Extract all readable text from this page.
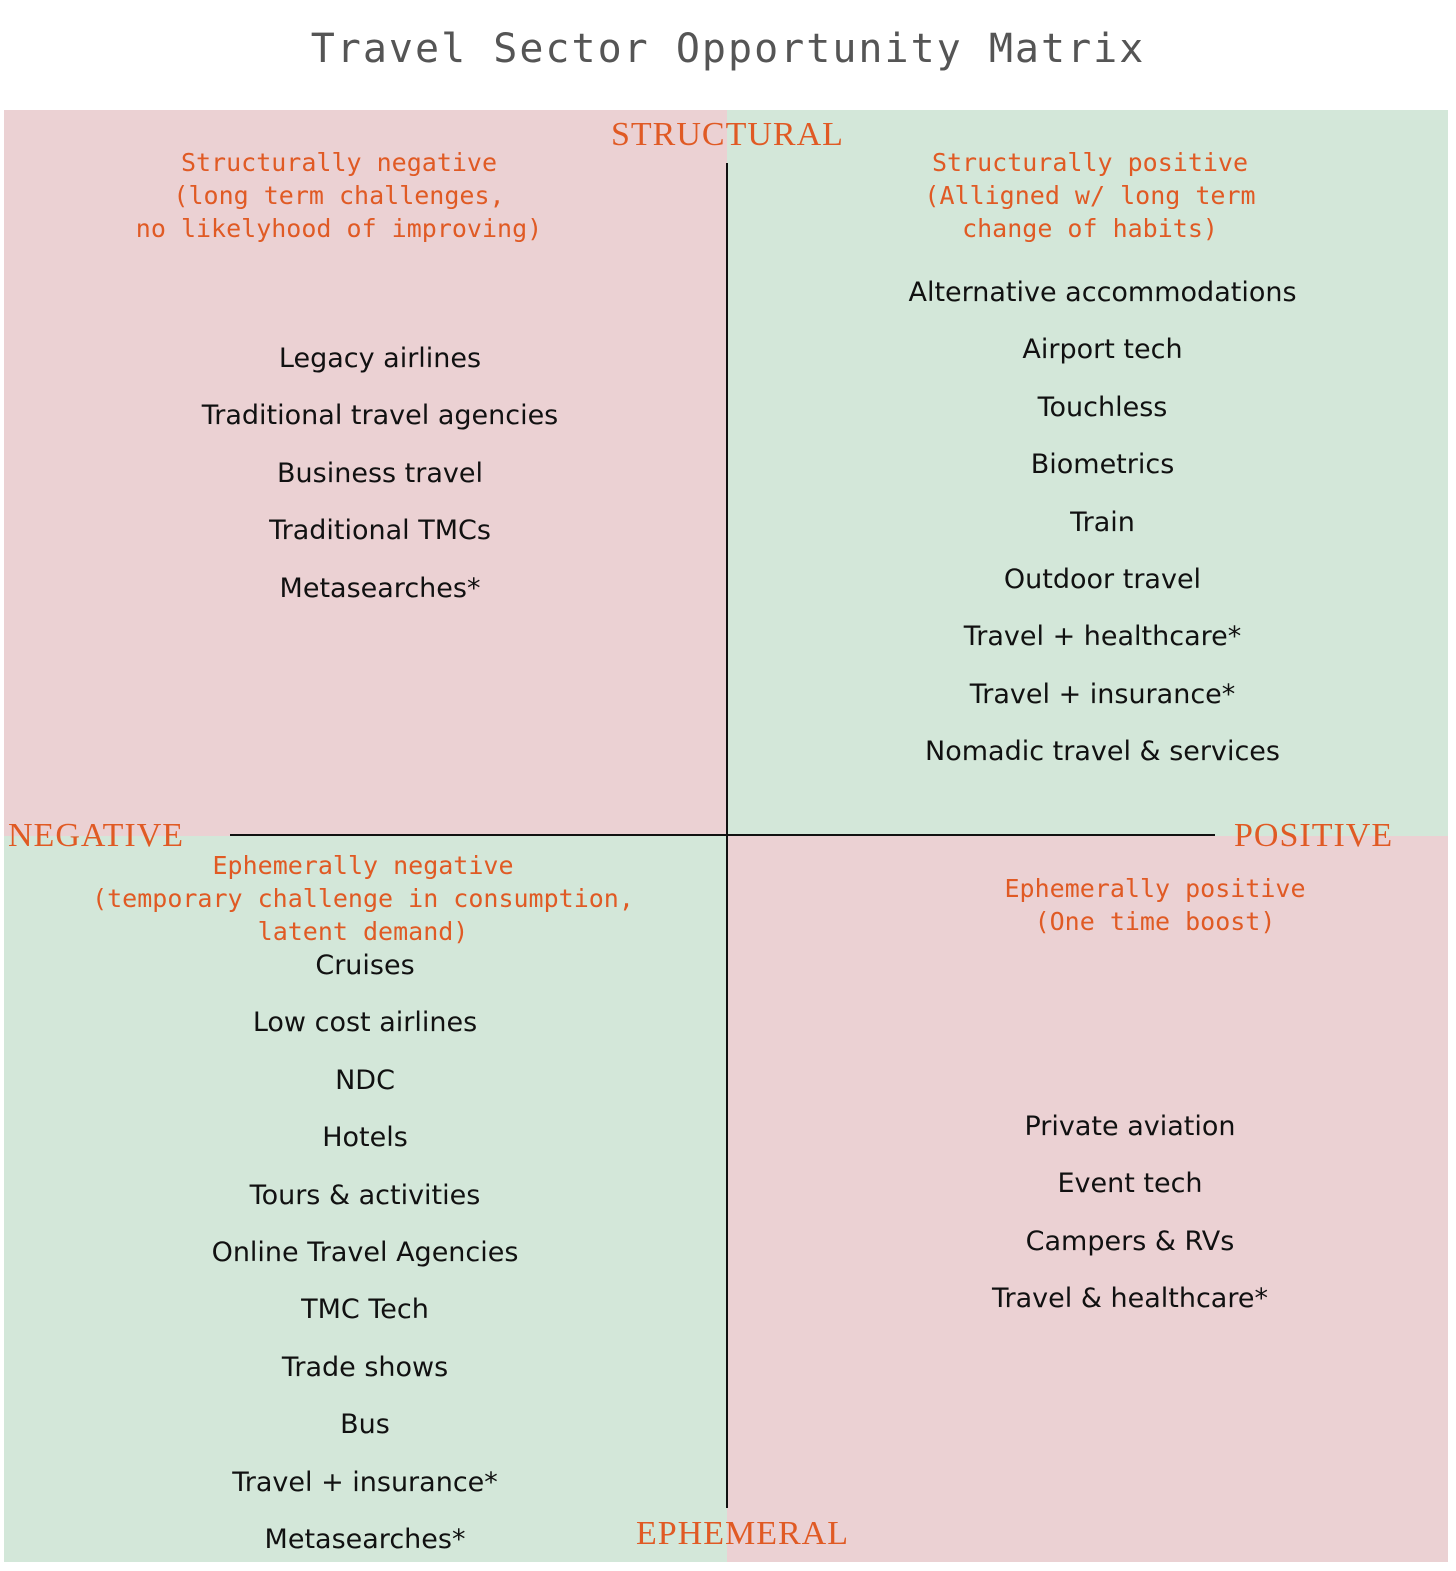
Travel Sector Opportunity Matrix
STRUCTURAL
EPHEMERAL
NEGATIVE	POSITIVE
Structurally negative
(long term challenges,
no likelyhood of improving)
Structurally positive
(Alligned w/ long term
change of habits)
Ephemerally negative
(temporary challenge in consumption,
latent demand)
Ephemerally positive
(One time boost)
Legacy airlines
Traditional travel agencies
Business travel
Traditional TMCs
Metasearches*
Alternative accommodations
Airport tech
Touchless
Biometrics
Train
Outdoor travel
Travel + healthcare*
Travel + insurance*
Nomadic travel & services
Cruises
Low cost airlines
NDC
Hotels
Tours & activities
Online Travel Agencies
TMC Tech
Trade shows
Bus
Travel + insurance*
Metasearches*
Private aviation
Event tech
Campers & RVs
Travel & healthcare*
